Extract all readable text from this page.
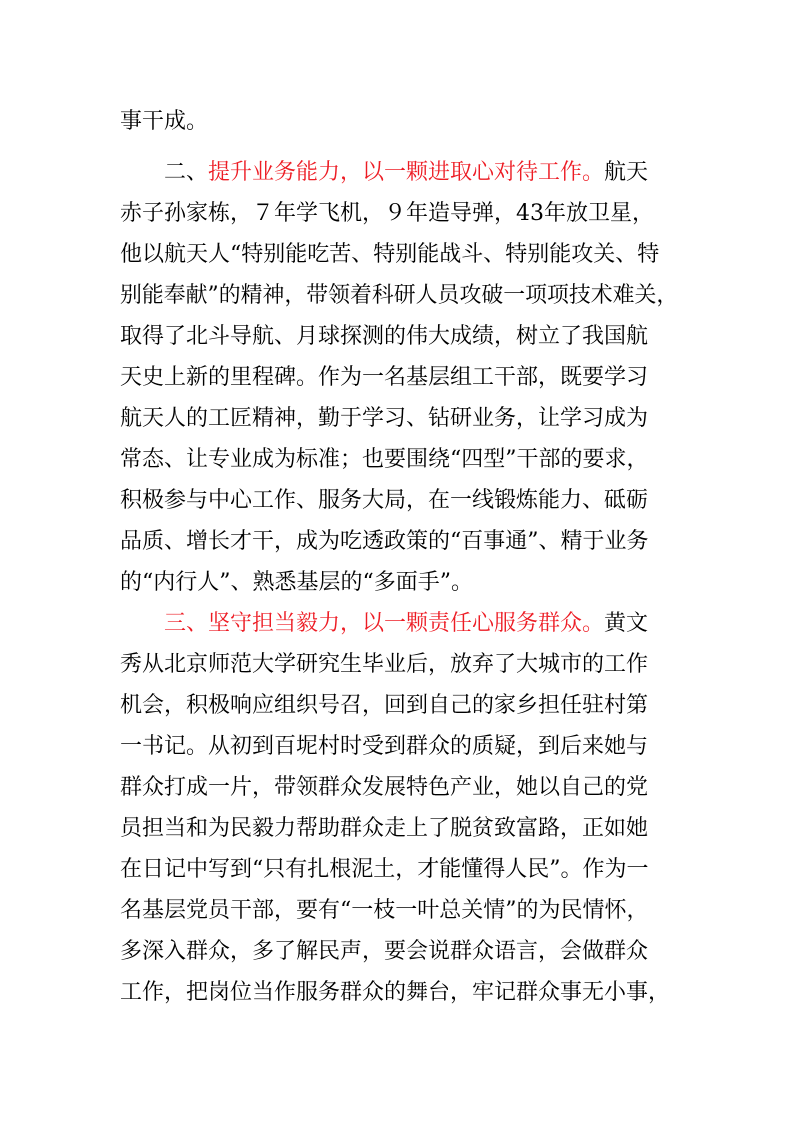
事干成。
二、提升业务能力，以一颗进取心对待工作。航天
赤子孙家栋，７年学飞机，９年造导弹，43年放卫星，
他以航天人“特别能吃苦、特别能战斗、特别能攻关、特
别能奉献”的精神，带领着科研人员攻破一项项技术难关，
取得了北斗导航、月球探测的伟大成绩，树立了我国航
天史上新的里程碑。作为一名基层组工干部，既要学习
航天人的工匠精神，勤于学习、钻研业务，让学习成为
常态、让专业成为标准；也要围绕“四型”干部的要求，
积极参与中心工作、服务大局，在一线锻炼能力、砥砺
品质、增长才干，成为吃透政策的“百事通”、精于业务
的“内行人”、熟悉基层的“多面手”。
三、坚守担当毅力，以一颗责任心服务群众。黄文
秀从北京师范大学研究生毕业后，放弃了大城市的工作
机会，积极响应组织号召，回到自己的家乡担任驻村第
一书记。从初到百坭村时受到群众的质疑，到后来她与
群众打成一片，带领群众发展特色产业，她以自己的党
员担当和为民毅力帮助群众走上了脱贫致富路，正如她
在日记中写到“只有扎根泥土，才能懂得人民”。作为一
名基层党员干部，要有“一枝一叶总关情”的为民情怀，
多深入群众，多了解民声，要会说群众语言，会做群众
工作，把岗位当作服务群众的舞台，牢记群众事无小事，
